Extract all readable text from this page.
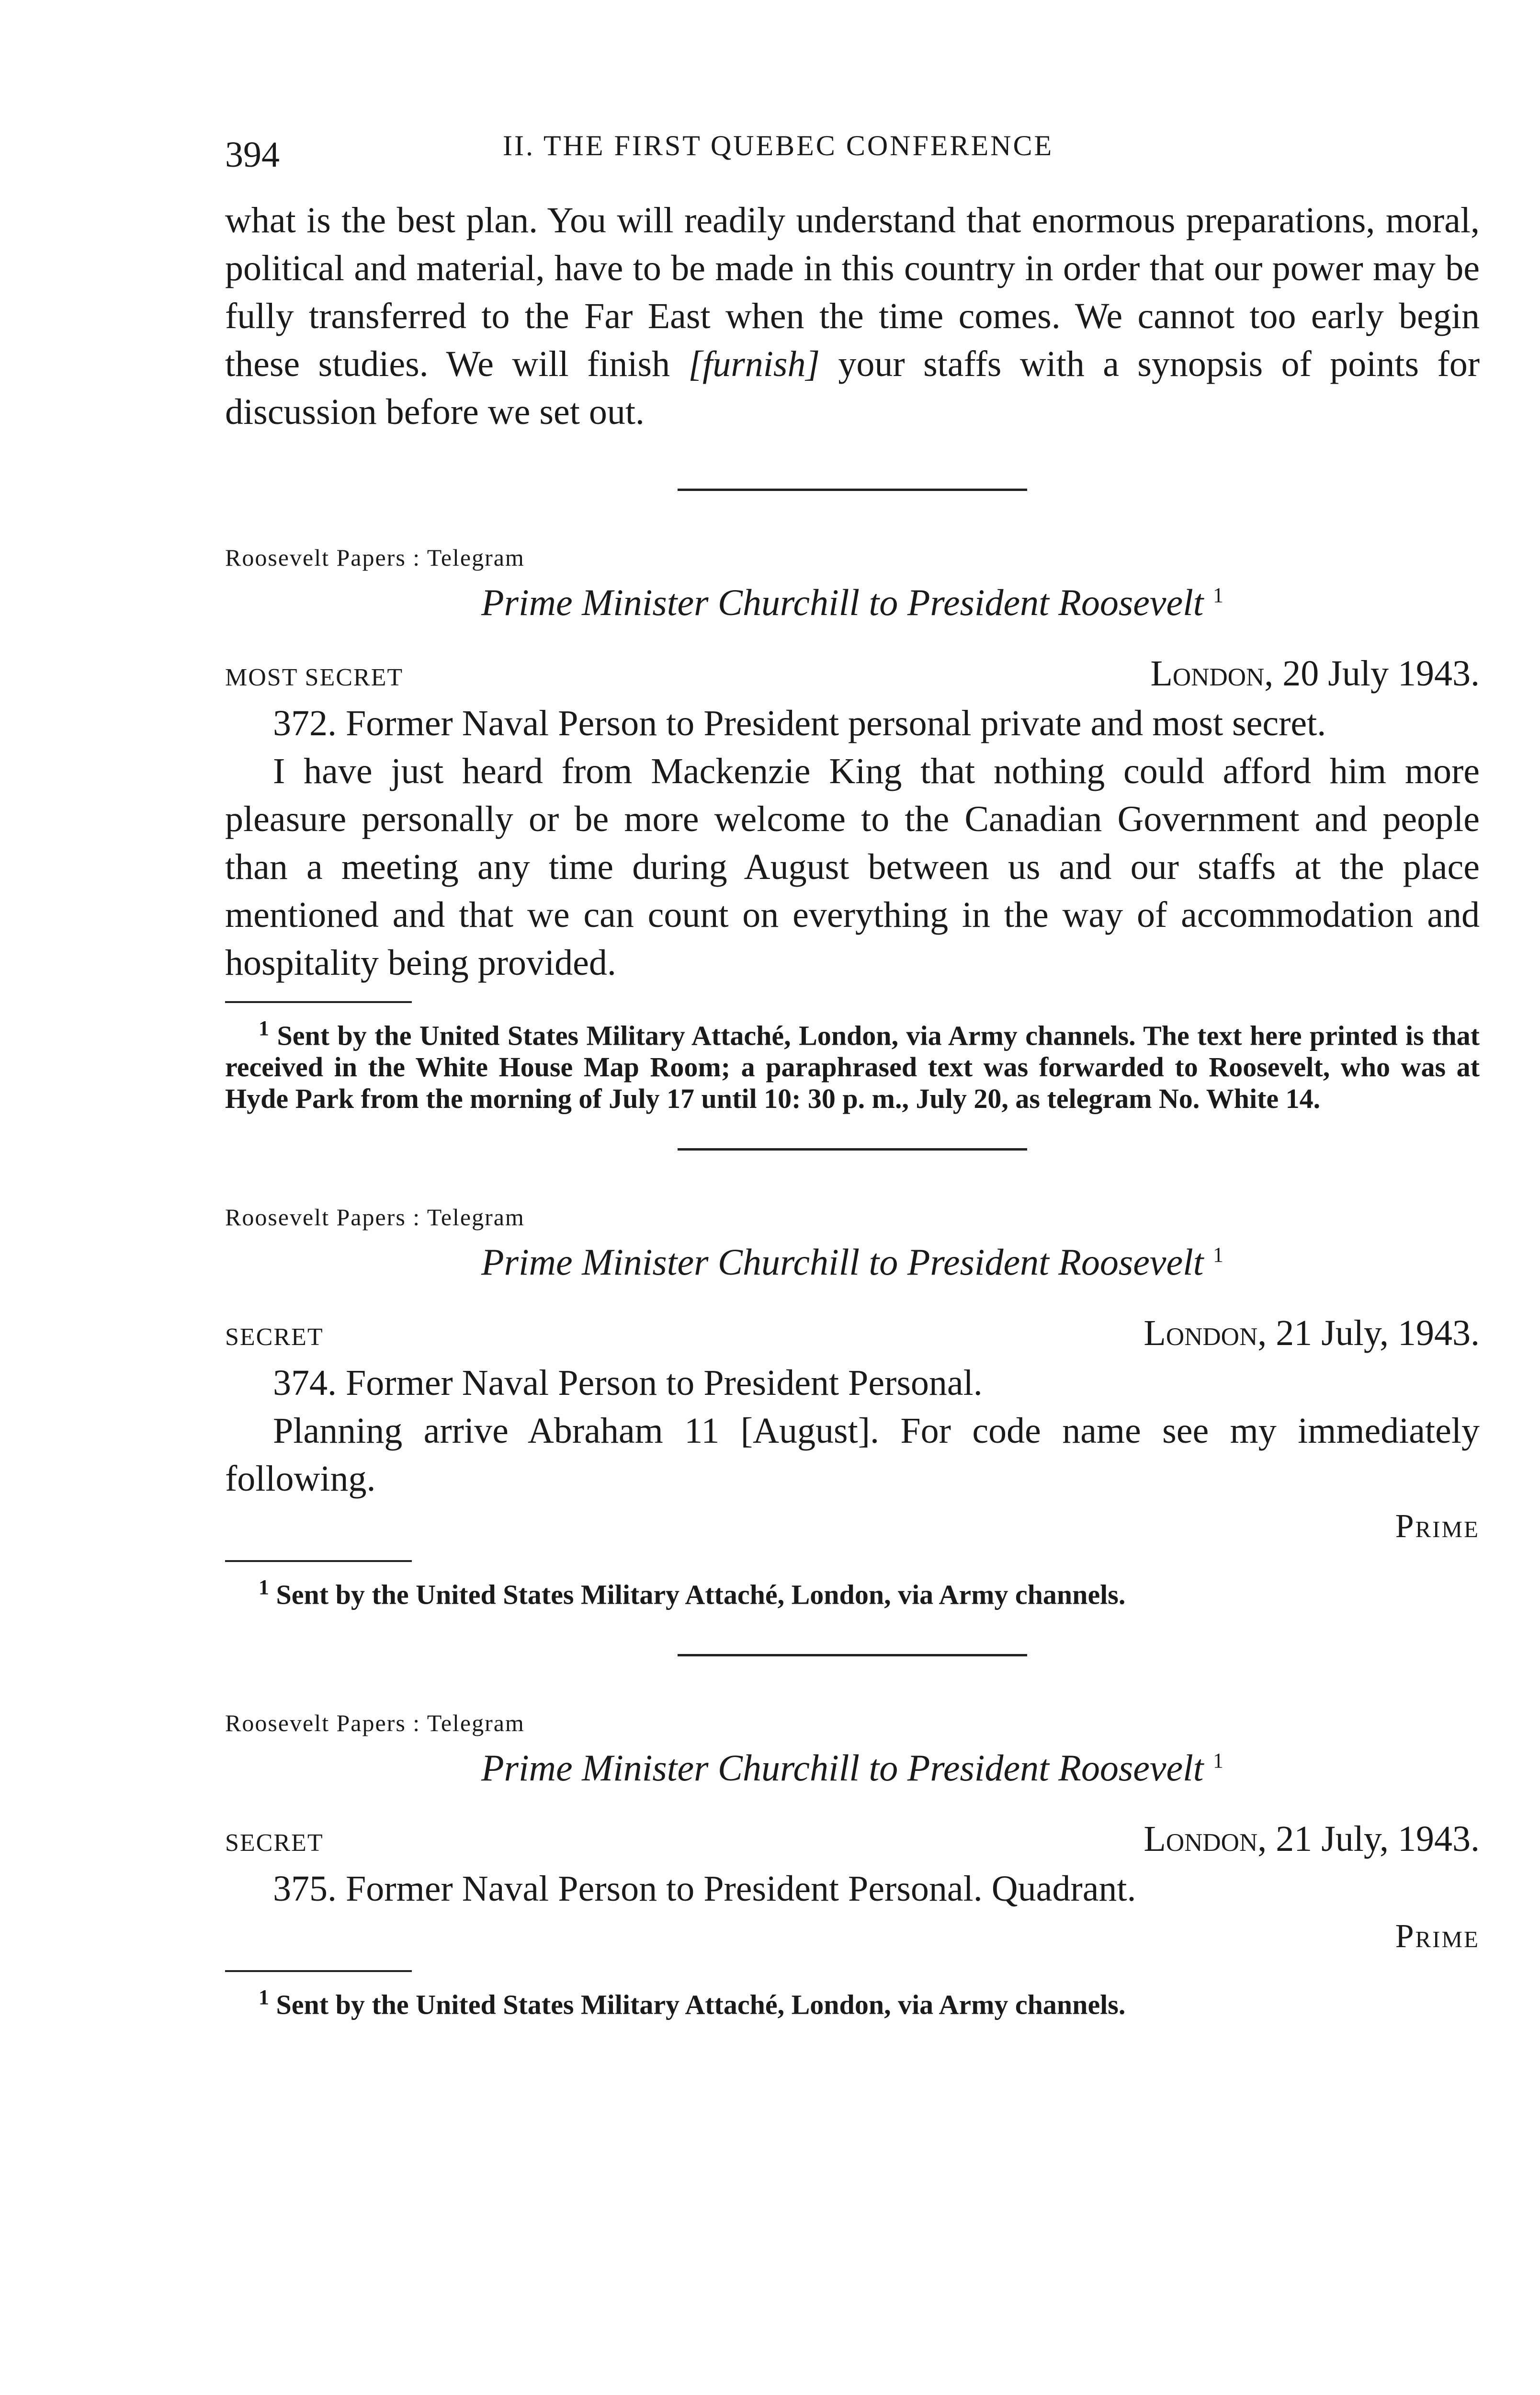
394	II. THE FIRST QUEBEC CONFERENCE

what is the best plan. You will readily understand that enormous preparations, moral, political and material, have to be made in this country in order that our power may be fully transferred to the Far East when the time comes. We cannot too early begin these studies. We will finish [furnish] your staffs with a synopsis of points for discussion before we set out.

Roosevelt Papers : Telegram
Prime Minister Churchill to President Roosevelt $^1$
MOST SECRET	London, 20 July 1943.

372. Former Naval Person to President personal private and most secret.

I have just heard from Mackenzie King that nothing could afford him more pleasure personally or be more welcome to the Canadian Government and people than a meeting any time during August between us and our staffs at the place mentioned and that we can count on everything in the way of accommodation and hospitality being provided.

$^1$ Sent by the United States Military Attaché, London, via Army channels. The text here printed is that received in the White House Map Room; a paraphrased text was forwarded to Roosevelt, who was at Hyde Park from the morning of July 17 until 10: 30 p. m., July 20, as telegram No. White 14.

Roosevelt Papers : Telegram
Prime Minister Churchill to President Roosevelt $^1$
SECRET	London, 21 July, 1943.

374. Former Naval Person to President Personal.

Planning arrive Abraham 11 [August]. For code name see my immediately following.

Prime

$^1$ Sent by the United States Military Attaché, London, via Army channels.

Roosevelt Papers : Telegram
Prime Minister Churchill to President Roosevelt $^1$
SECRET	London, 21 July, 1943.

375. Former Naval Person to President Personal. Quadrant.

Prime

$^1$ Sent by the United States Military Attaché, London, via Army channels.
